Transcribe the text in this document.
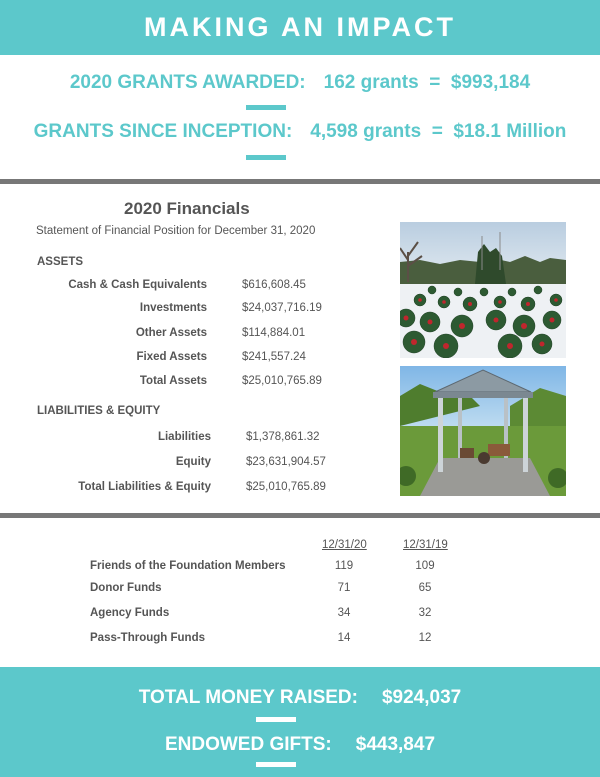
MAKING AN IMPACT
2020 GRANTS AWARDED: 162 grants  =  $993,184
GRANTS SINCE INCEPTION: 4,598 grants  =  $18.1 Million
2020 Financials
Statement of Financial Position for December 31, 2020
ASSETS
Cash & Cash Equivalents	$616,608.45
Investments	$24,037,716.19
Other Assets	$114,884.01
Fixed Assets	$241,557.24
Total Assets	$25,010,765.89
LIABILITIES & EQUITY
Liabilities	$1,378,861.32
Equity	$23,631,904.57
Total Liabilities & Equity	$25,010,765.89
12/31/20	12/31/19
Friends of the Foundation Members	119	109
Donor Funds	71	65
Agency Funds	34	32
Pass-Through Funds	14	12
TOTAL MONEY RAISED: $924,037
ENDOWED GIFTS: $443,847
